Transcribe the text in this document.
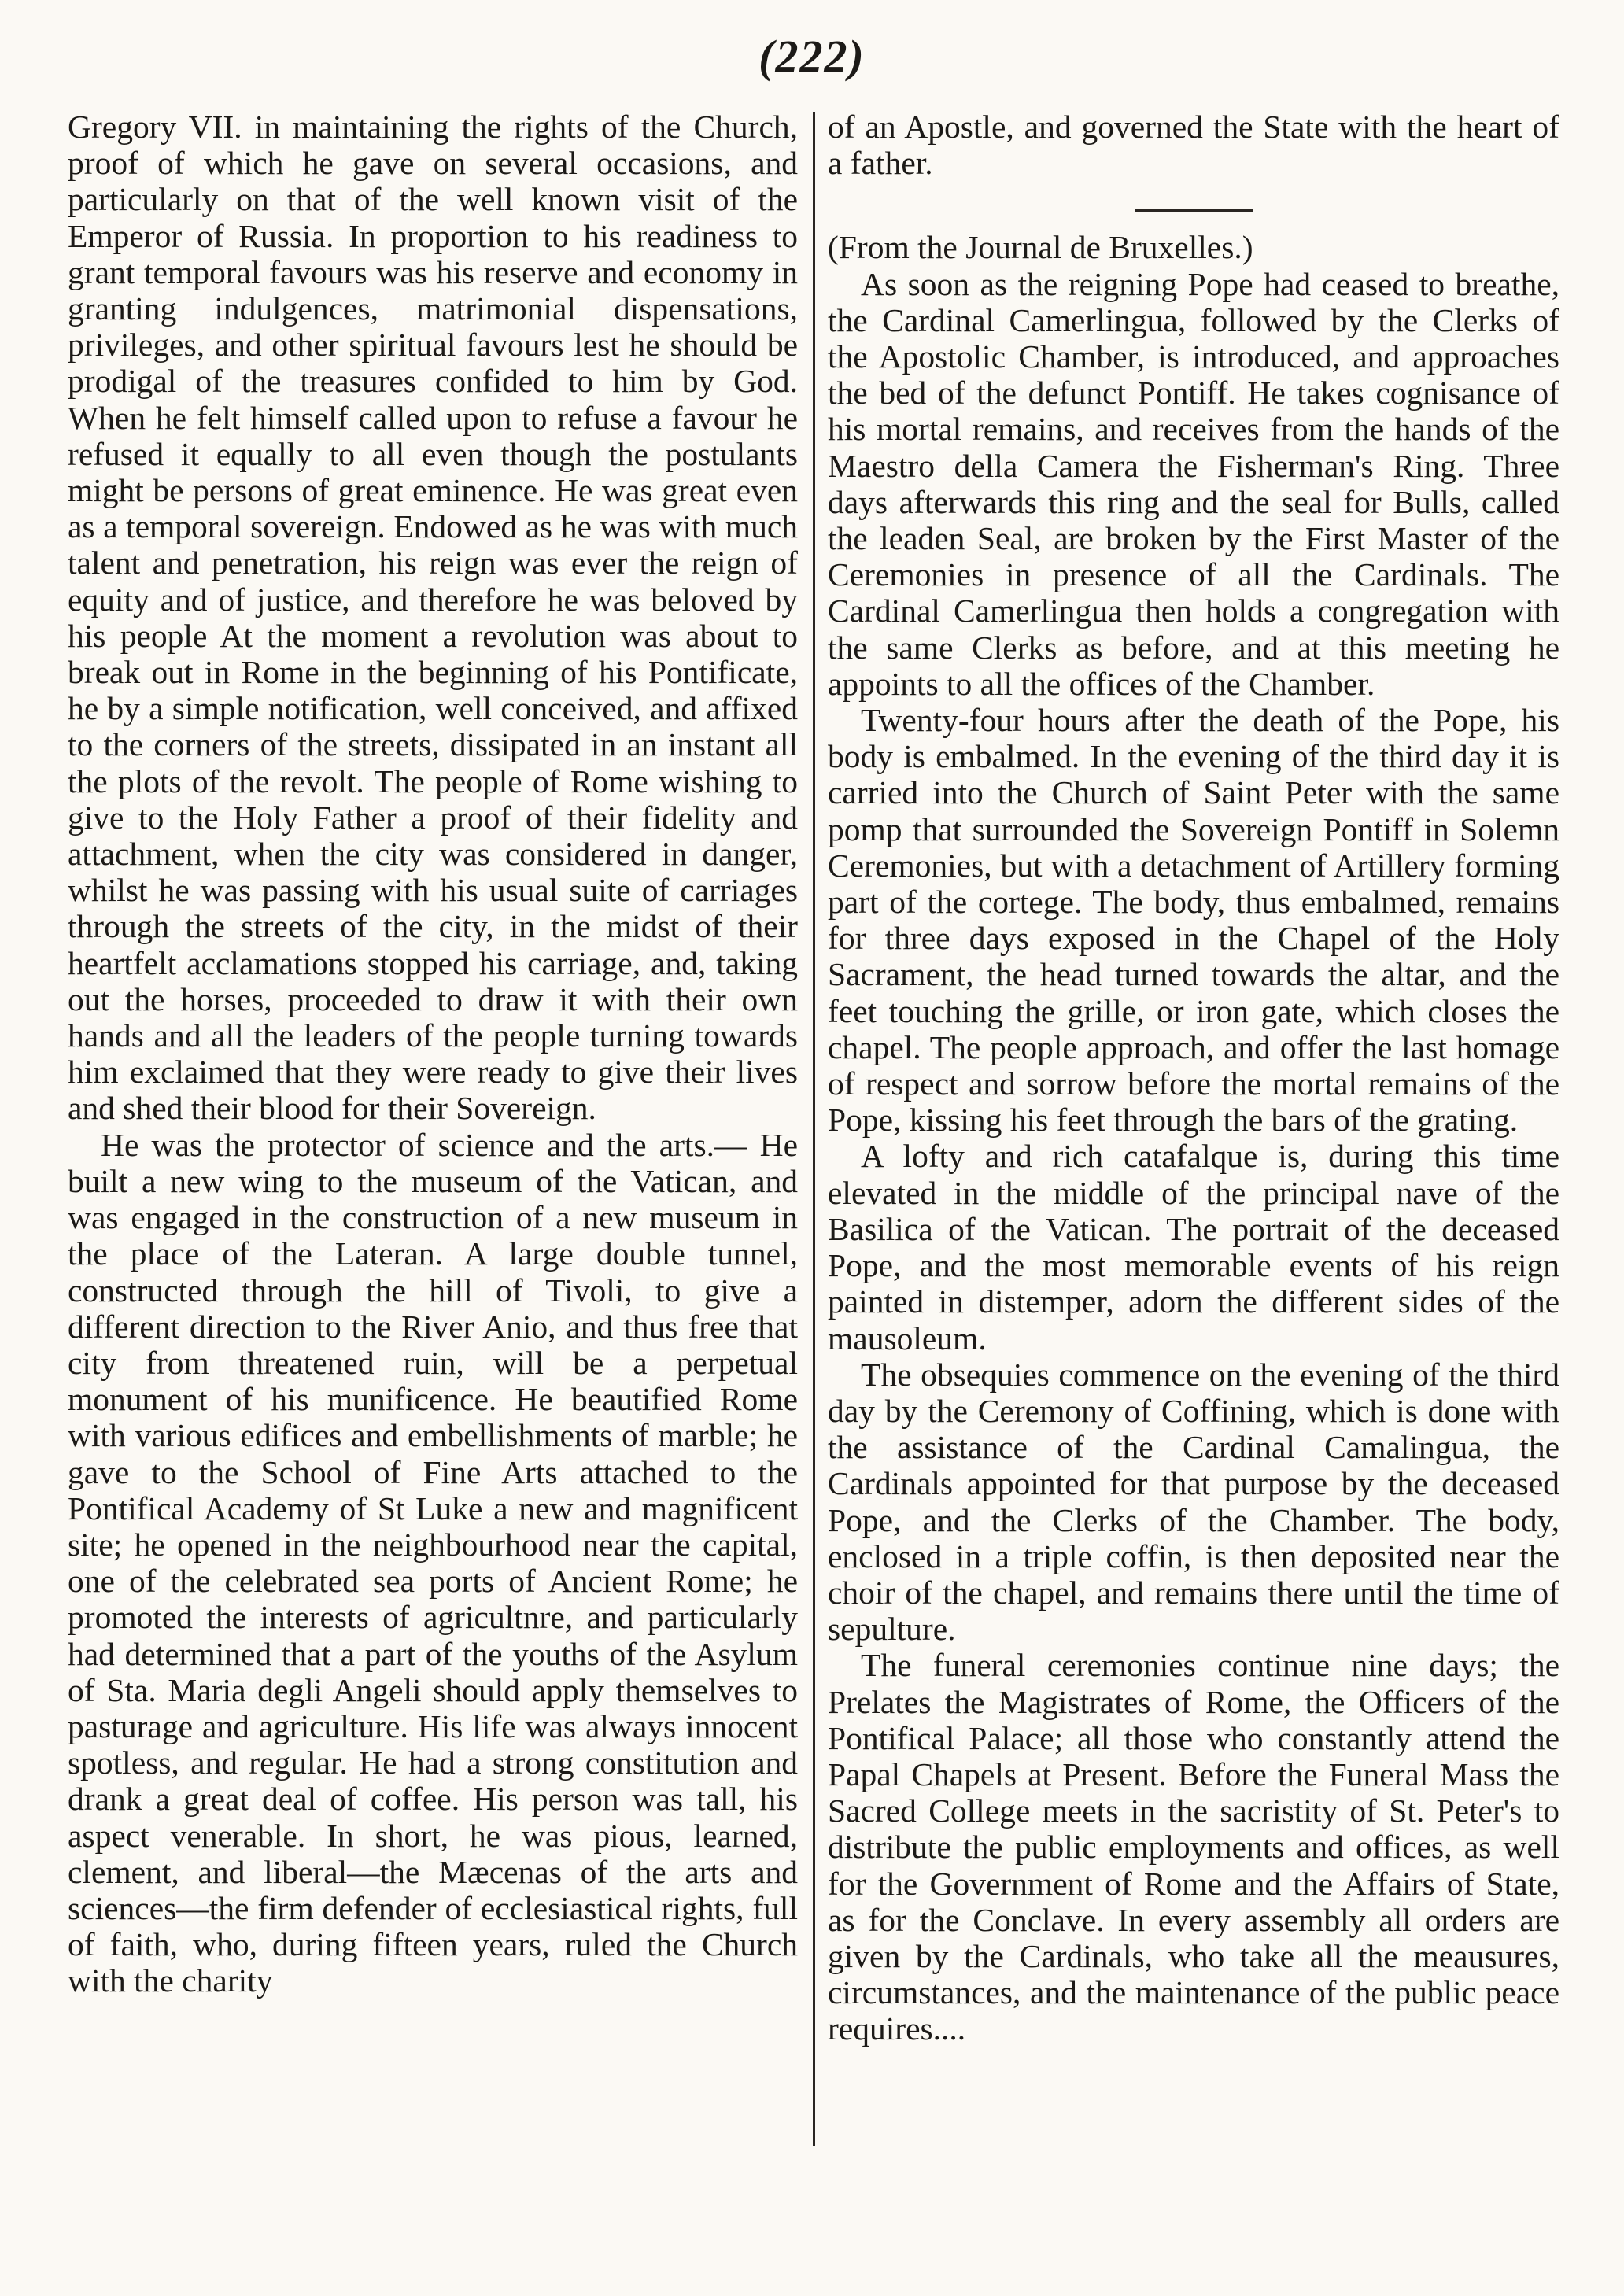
(222)

Gregory VII. in maintaining the rights of the Church, proof of which he gave on several occasions, and particularly on that of the well known visit of the Emperor of Russia. In proportion to his readiness to grant temporal favours was his reserve and economy in granting indulgences, matrimonial dispensations, privileges, and other spiritual favours lest he should be prodigal of the treasures confided to him by God. When he felt himself called upon to refuse a favour he refused it equally to all even though the postulants might be persons of great eminence. He was great even as a temporal sovereign. Endowed as he was with much talent and penetration, his reign was ever the reign of equity and of justice, and therefore he was beloved by his people At the moment a revolution was about to break out in Rome in the beginning of his Pontificate, he by a simple notification, well conceived, and affixed to the corners of the streets, dissipated in an instant all the plots of the revolt. The people of Rome wishing to give to the Holy Father a proof of their fidelity and attachment, when the city was considered in danger, whilst he was passing with his usual suite of carriages through the streets of the city, in the midst of their heartfelt acclamations stopped his carriage, and, taking out the horses, proceeded to draw it with their own hands and all the leaders of the people turning towards him exclaimed that they were ready to give their lives and shed their blood for their Sovereign.

He was the protector of science and the arts.— He built a new wing to the museum of the Vatican, and was engaged in the construction of a new museum in the place of the Lateran. A large double tunnel, constructed through the hill of Tivoli, to give a different direction to the River Anio, and thus free that city from threatened ruin, will be a perpetual monument of his munificence. He beautified Rome with various edifices and embellishments of marble; he gave to the School of Fine Arts attached to the Pontifical Academy of St Luke a new and magnificent site; he opened in the neighbourhood near the capital, one of the celebrated sea ports of Ancient Rome; he promoted the interests of agricultnre, and particularly had determined that a part of the youths of the Asylum of Sta. Maria degli Angeli should apply themselves to pasturage and agriculture. His life was always innocent spotless, and regular. He had a strong constitution and drank a great deal of coffee. His person was tall, his aspect venerable. In short, he was pious, learned, clement, and liberal—the Mæcenas of the arts and sciences—the firm defender of ecclesiastical rights, full of faith, who, during fifteen years, ruled the Church with the charity

of an Apostle, and governed the State with the heart of a father.

(From the Journal de Bruxelles.)

As soon as the reigning Pope had ceased to breathe, the Cardinal Camerlingua, followed by the Clerks of the Apostolic Chamber, is introduced, and approaches the bed of the defunct Pontiff. He takes cognisance of his mortal remains, and receives from the hands of the Maestro della Camera the Fisherman's Ring. Three days afterwards this ring and the seal for Bulls, called the leaden Seal, are broken by the First Master of the Ceremonies in presence of all the Cardinals. The Cardinal Camerlingua then holds a congregation with the same Clerks as before, and at this meeting he appoints to all the offices of the Chamber.

Twenty-four hours after the death of the Pope, his body is embalmed. In the evening of the third day it is carried into the Church of Saint Peter with the same pomp that surrounded the Sovereign Pontiff in Solemn Ceremonies, but with a detachment of Artillery forming part of the cortege. The body, thus embalmed, remains for three days exposed in the Chapel of the Holy Sacrament, the head turned towards the altar, and the feet touching the grille, or iron gate, which closes the chapel. The people approach, and offer the last homage of respect and sorrow before the mortal remains of the Pope, kissing his feet through the bars of the grating.

A lofty and rich catafalque is, during this time elevated in the middle of the principal nave of the Basilica of the Vatican. The portrait of the deceased Pope, and the most memorable events of his reign painted in distemper, adorn the different sides of the mausoleum.

The obsequies commence on the evening of the third day by the Ceremony of Coffining, which is done with the assistance of the Cardinal Camalingua, the Cardinals appointed for that purpose by the deceased Pope, and the Clerks of the Chamber. The body, enclosed in a triple coffin, is then deposited near the choir of the chapel, and remains there until the time of sepulture.

The funeral ceremonies continue nine days; the Prelates the Magistrates of Rome, the Officers of the Pontifical Palace; all those who constantly attend the Papal Chapels at Present. Before the Funeral Mass the Sacred College meets in the sacristity of St. Peter's to distribute the public employments and offices, as well for the Government of Rome and the Affairs of State, as for the Conclave. In every assembly all orders are given by the Cardinals, who take all the meausures, circumstances, and the maintenance of the public peace requires....
